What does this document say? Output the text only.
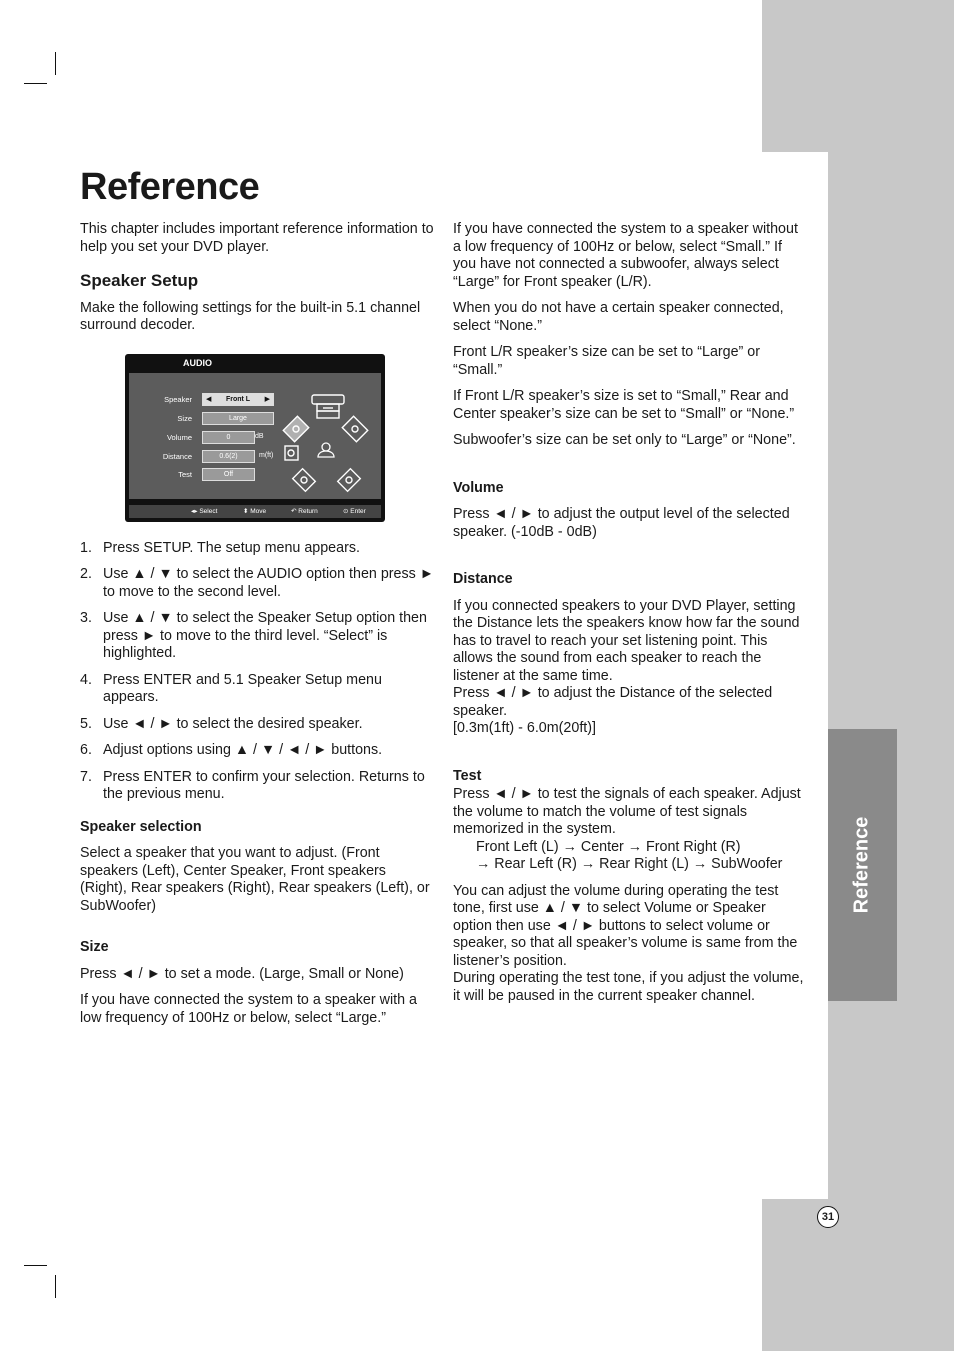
Reference
31
Reference

This chapter includes important reference information to help you set your DVD player.

Speaker Setup

Make the following settings for the built-in 5.1 channel surround decoder.

AUDIO
Speaker ◀ Front L ▶
Size	Large
Volume	0	dB
Distance	0.6(2)	m(ft)
Test	Off
◂▸ Select	⬍ Move	↶ Return	⊙ Enter
1. Press SETUP. The setup menu appears.
2. Use ▲ / ▼ to select the AUDIO option then press ► to move to the second level.
3. Use ▲ / ▼ to select the Speaker Setup option then press ► to move to the third level. “Select” is highlighted.
4. Press ENTER and 5.1 Speaker Setup menu appears.
5. Use ◄ / ► to select the desired speaker.
6. Adjust options using ▲ / ▼ / ◄ / ► buttons.
7. Press ENTER to confirm your selection. Returns to the previous menu.
Speaker selection

Select a speaker that you want to adjust. (Front speakers (Left), Center Speaker, Front speakers (Right), Rear speakers (Right), Rear speakers (Left), or SubWoofer)

Size

Press ◄ / ► to set a mode. (Large, Small or None)

If you have connected the system to a speaker with a low frequency of 100Hz or below, select “Large.”

If you have connected the system to a speaker without a low frequency of 100Hz or below, select “Small.” If you have not connected a subwoofer, always select “Large” for Front speaker (L/R).

When you do not have a certain speaker connected, select “None.”

Front L/R speaker’s size can be set to “Large” or “Small.”

If Front L/R speaker’s size is set to “Small,” Rear and Center speaker’s size can be set to “Small” or “None.”

Subwoofer’s size can be set only to “Large” or “None”.

Volume

Press ◄ / ► to adjust the output level of the selected speaker. (-10dB - 0dB)

Distance

If you connected speakers to your DVD Player, setting the Distance lets the speakers know how far the sound has to travel to reach your set listening point. This allows the sound from each speaker to reach the listener at the same time.

Press ◄ / ► to adjust the Distance of the selected speaker.

[0.3m(1ft) - 6.0m(20ft)]

Test

Press ◄ / ► to test the signals of each speaker. Adjust the volume to match the volume of test signals memorized in the system.

Front Left (L) → Center → Front Right (R)

→ Rear Left (R) → Rear Right (L) → SubWoofer

You can adjust the volume during operating the test tone, first use ▲ / ▼ to select Volume or Speaker option then use ◄ / ► buttons to select volume or speaker, so that all speaker’s volume is same from the listener’s position.

During operating the test tone, if you adjust the volume, it will be paused in the current speaker channel.
